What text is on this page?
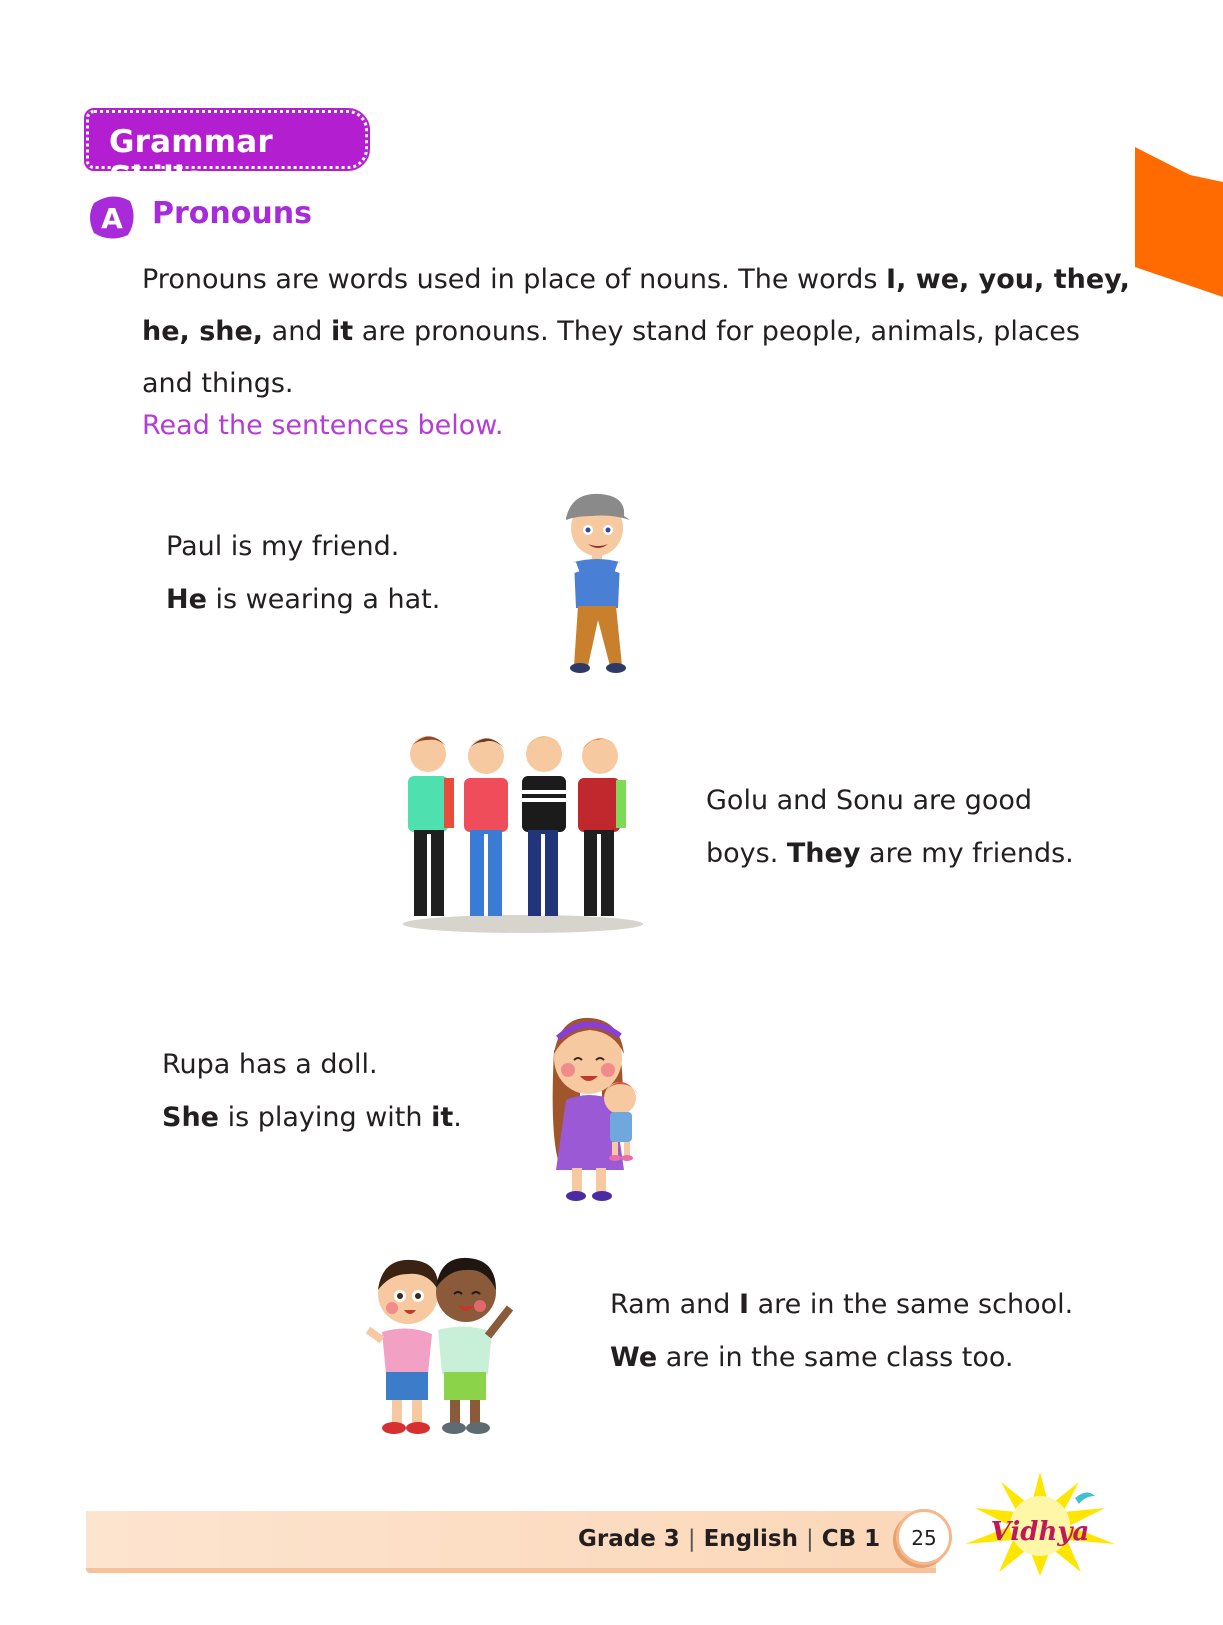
Grammar Skills
A Pronouns

Pronouns are words used in place of nouns. The words I, we, you, they,

he, she, and it are pronouns. They stand for people, animals, places

and things.

Read the sentences below.

Paul is my friend.

He is wearing a hat.

Golu and Sonu are good

boys. They are my friends.

Rupa has a doll.

She is playing with it.

Ram and I are in the same school.

We are in the same class too.

Grade 3 | English | CB 1	25	Vidhya
